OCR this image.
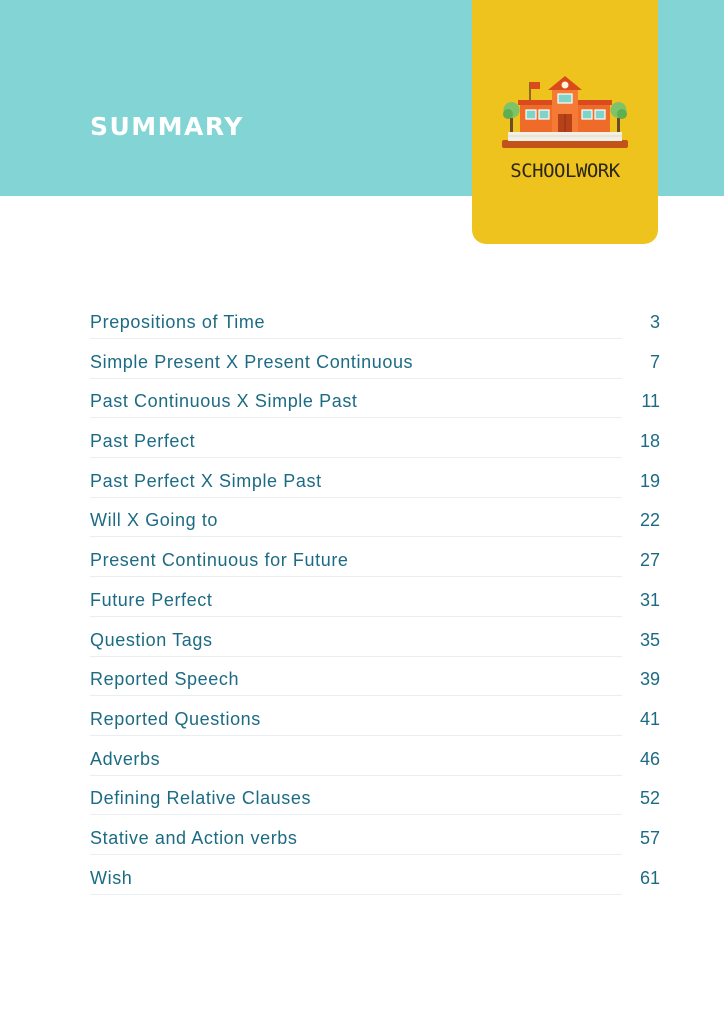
SUMMARY
SCHOOLWORK
Prepositions of Time	3
Simple Present X Present Continuous	7
Past Continuous X Simple Past	11
Past Perfect	18
Past Perfect X Simple Past	19
Will X Going to	22
Present Continuous for Future	27
Future Perfect	31
Question Tags	35
Reported Speech	39
Reported Questions	41
Adverbs	46
Defining Relative Clauses	52
Stative and Action verbs	57
Wish	61
